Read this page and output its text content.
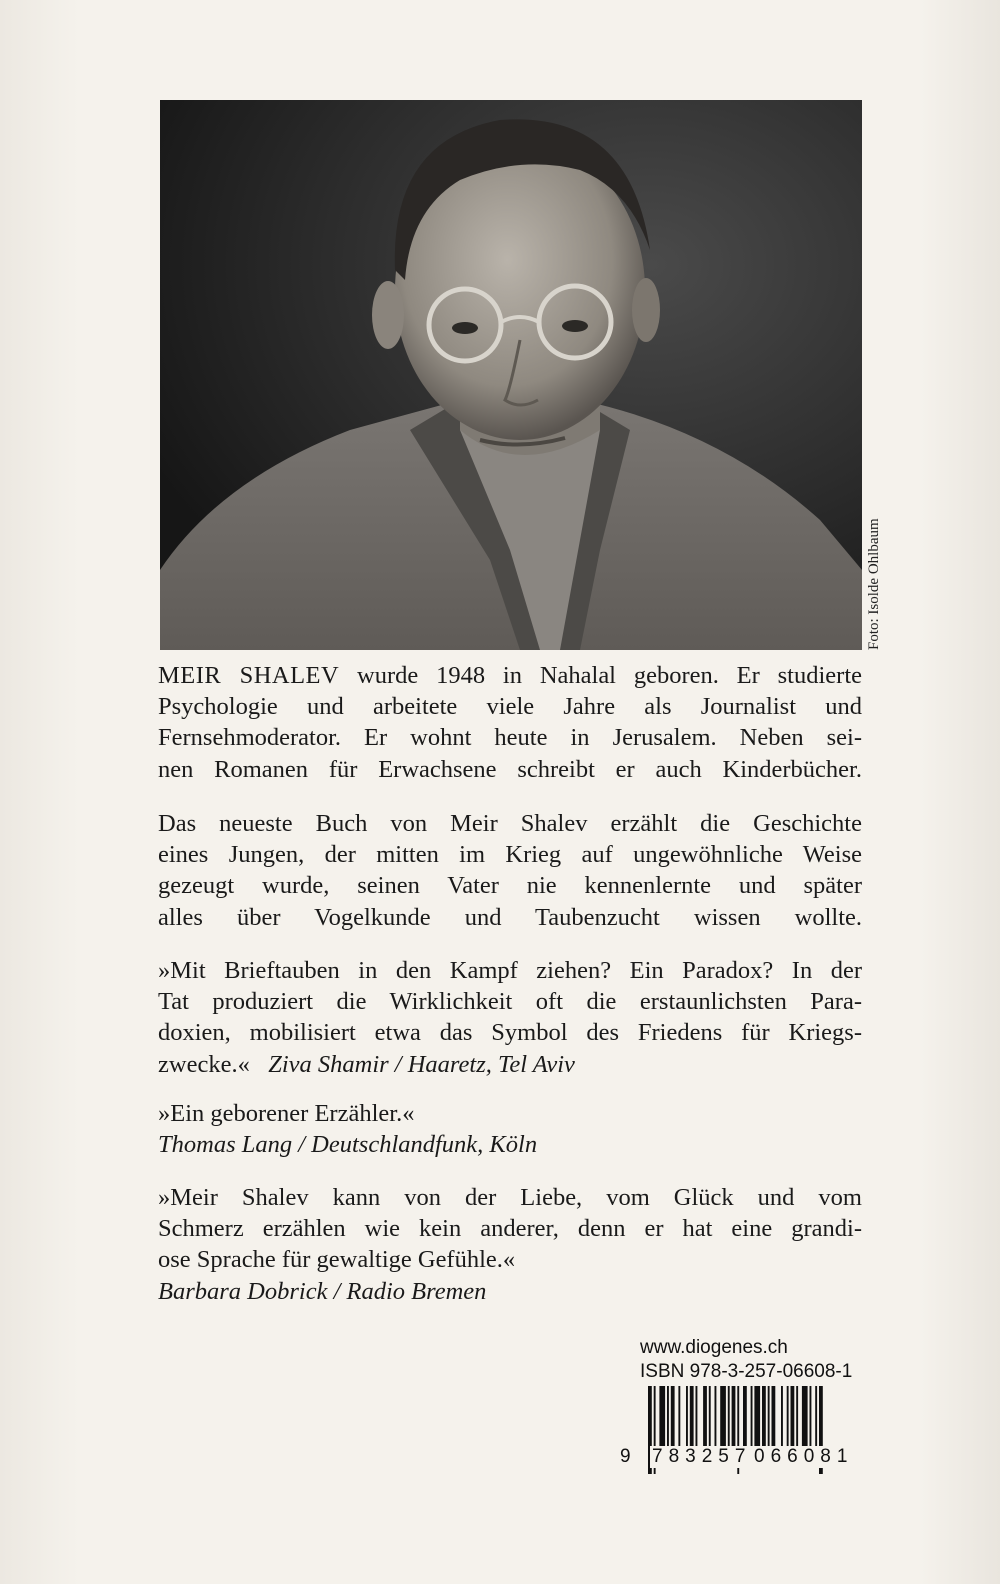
Foto: Isolde Ohlbaum
MEIR SHALEV wurde 1948 in Nahalal geboren. Er studierte
Psychologie und arbeitete viele Jahre als Journalist und
Fernsehmoderator. Er wohnt heute in Jerusalem. Neben sei-
nen Romanen für Erwachsene schreibt er auch Kinderbücher.
Das neueste Buch von Meir Shalev erzählt die Geschichte
eines Jungen, der mitten im Krieg auf ungewöhnliche Weise
gezeugt wurde, seinen Vater nie kennenlernte und später
alles über Vogelkunde und Taubenzucht wissen wollte.
»Mit Brieftauben in den Kampf ziehen? Ein Paradox? In der
Tat produziert die Wirklichkeit oft die erstaunlichsten Para-
doxien, mobilisiert etwa das Symbol des Friedens für Kriegs-
zwecke.« Ziva Shamir / Haaretz, Tel Aviv
»Ein geborener Erzähler.«
Thomas Lang / Deutschlandfunk, Köln
»Meir Shalev kann von der Liebe, vom Glück und vom
Schmerz erzählen wie kein anderer, denn er hat eine grandi-
ose Sprache für gewaltige Gefühle.«
Barbara Dobrick / Radio Bremen
www.diogenes.ch
ISBN 978-3-257-06608-1
9 783257 066081
